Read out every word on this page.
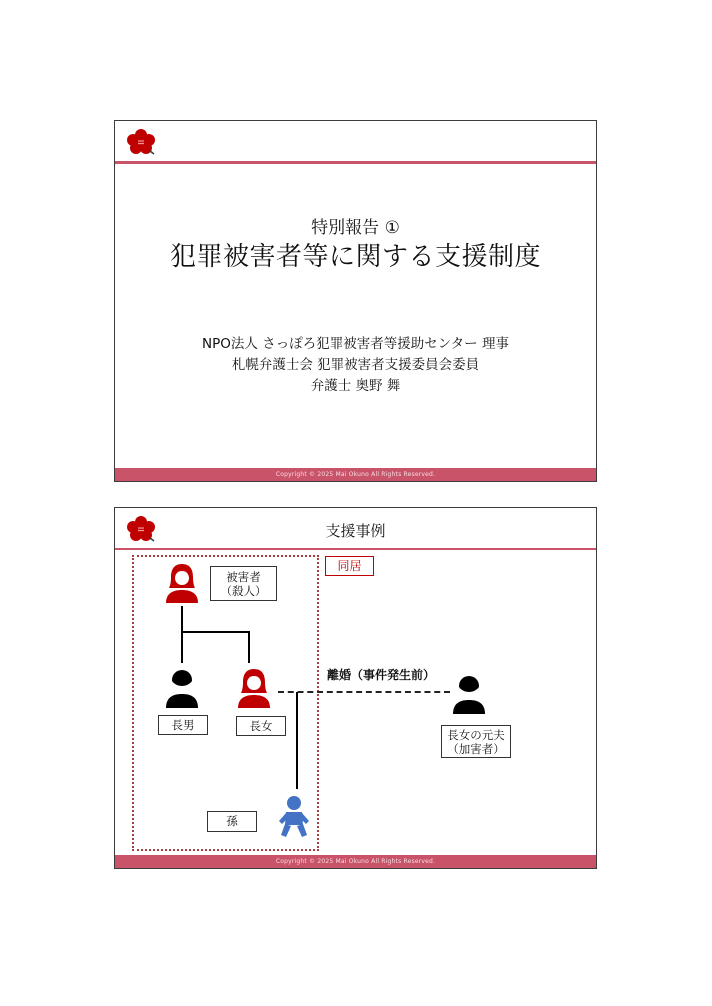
特別報告 ①
犯罪被害者等に関する支援制度
NPO法人 さっぽろ犯罪被害者等援助センター 理事
札幌弁護士会 犯罪被害者支援委員会委員
弁護士 奥野 舞
Copyright © 2025 Mai Okuno All Rights Reserved.
支援事例
同居
被害者
（殺人）
長男	長女
離婚（事件発生前）
長女の元夫
（加害者）
孫
Copyright © 2025 Mai Okuno All Rights Reserved.
